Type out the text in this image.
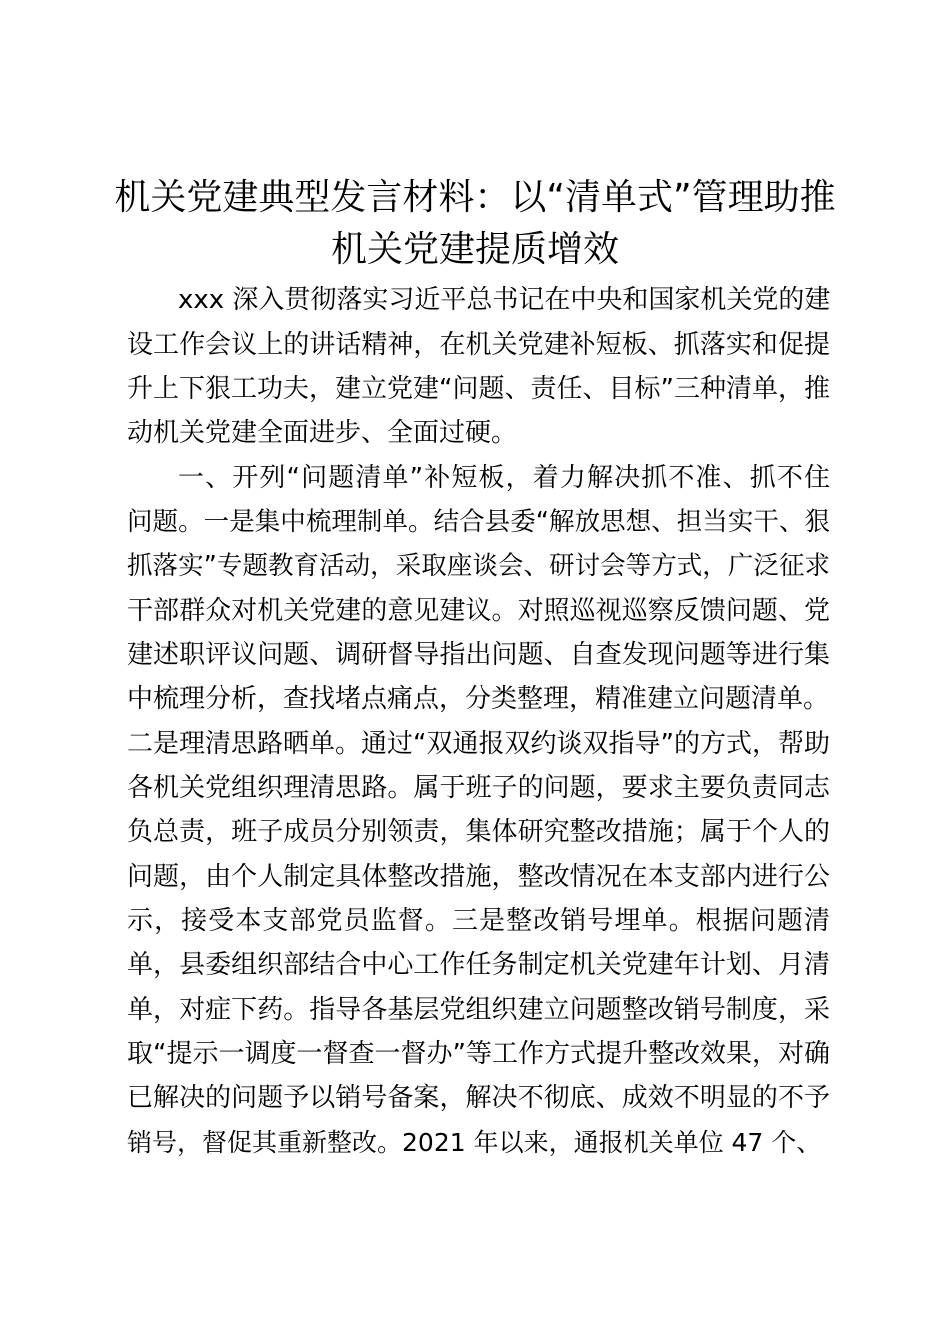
机关党建典型发言材料：以“清单式”管理助推
机关党建提质增效

xxx 深入贯彻落实习近平总书记在中央和国家机关党的建

设工作会议上的讲话精神，在机关党建补短板、抓落实和促提

升上下狠工功夫，建立党建“问题、责任、目标”三种清单，推

动机关党建全面进步、全面过硬。

一、开列“问题清单”补短板，着力解决抓不准、抓不住

问题。一是集中梳理制单。结合县委“解放思想、担当实干、狠

抓落实”专题教育活动，采取座谈会、研讨会等方式，广泛征求

干部群众对机关党建的意见建议。对照巡视巡察反馈问题、党

建述职评议问题、调研督导指出问题、自查发现问题等进行集

中梳理分析，查找堵点痛点，分类整理，精准建立问题清单。

二是理清思路晒单。通过“双通报双约谈双指导”的方式，帮助

各机关党组织理清思路。属于班子的问题，要求主要负责同志

负总责，班子成员分别领责，集体研究整改措施；属于个人的

问题，由个人制定具体整改措施，整改情况在本支部内进行公

示，接受本支部党员监督。三是整改销号埋单。根据问题清

单，县委组织部结合中心工作任务制定机关党建年计划、月清

单，对症下药。指导各基层党组织建立问题整改销号制度，采

取“提示一调度一督查一督办”等工作方式提升整改效果，对确

已解决的问题予以销号备案，解决不彻底、成效不明显的不予

销号，督促其重新整改。2021 年以来，通报机关单位 47 个、
